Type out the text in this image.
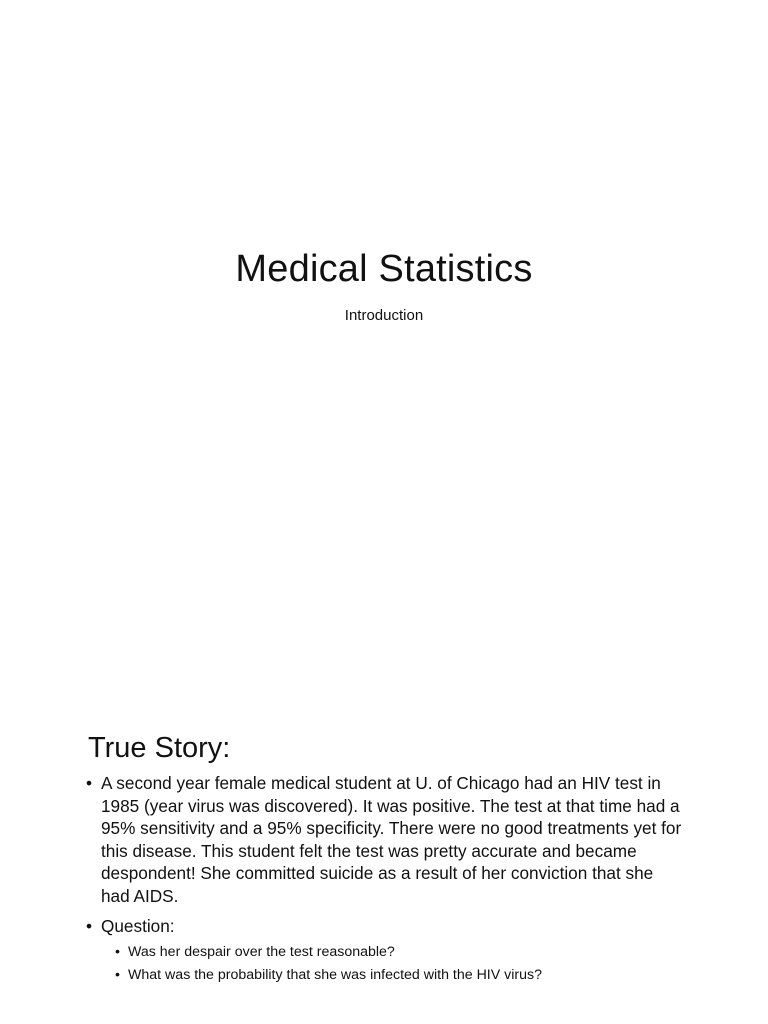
Medical Statistics

Introduction

True Story:
• A second year female medical student at U. of Chicago had an HIV test in 1985 (year virus was discovered). It was positive. The test at that time had a 95% sensitivity and a 95% specificity. There were no good treatments yet for this disease. This student felt the test was pretty accurate and became despondent! She committed suicide as a result of her conviction that she had AIDS.
• Question:
• Was her despair over the test reasonable?
• What was the probability that she was infected with the HIV virus?
